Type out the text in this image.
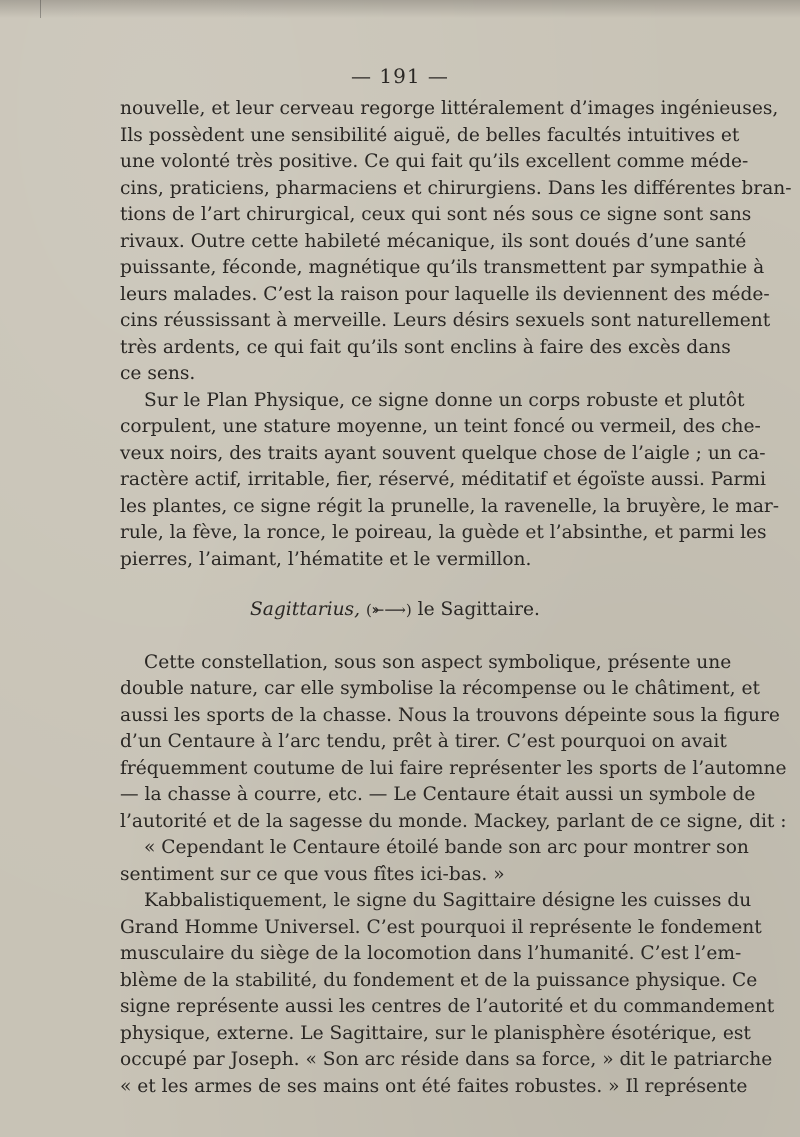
— 191 —
nouvelle, et leur cerveau regorge littéralement d’images ingénieuses,
Ils possèdent une sensibilité aiguë, de belles facultés intuitives et
une volonté très positive. Ce qui fait qu’ils excellent comme méde-
cins, praticiens, pharmaciens et chirurgiens. Dans les différentes bran-
tions de l’art chirurgical, ceux qui sont nés sous ce signe sont sans
rivaux. Outre cette habileté mécanique, ils sont doués d’une santé
puissante, féconde, magnétique qu’ils transmettent par sympathie à
leurs malades. C’est la raison pour laquelle ils deviennent des méde-
cins réussissant à merveille. Leurs désirs sexuels sont naturellement
très ardents, ce qui fait qu’ils sont enclins à faire des excès dans
ce sens.
Sur le Plan Physique, ce signe donne un corps robuste et plutôt
corpulent, une stature moyenne, un teint foncé ou vermeil, des che-
veux noirs, des traits ayant souvent quelque chose de l’aigle ; un ca-
ractère actif, irritable, fier, réservé, méditatif et égoïste aussi. Parmi
les plantes, ce signe régit la prunelle, la ravenelle, la bruyère, le mar-
rule, la fève, la ronce, le poireau, la guède et l’absinthe, et parmi les
pierres, l’aimant, l’hématite et le vermillon.
Sagittarius, (⤜⟶) le Sagittaire.
Cette constellation, sous son aspect symbolique, présente une
double nature, car elle symbolise la récompense ou le châtiment, et
aussi les sports de la chasse. Nous la trouvons dépeinte sous la figure
d’un Centaure à l’arc tendu, prêt à tirer. C’est pourquoi on avait
fréquemment coutume de lui faire représenter les sports de l’automne
— la chasse à courre, etc. — Le Centaure était aussi un symbole de
l’autorité et de la sagesse du monde. Mackey, parlant de ce signe, dit :
« Cependant le Centaure étoilé bande son arc pour montrer son
sentiment sur ce que vous fîtes ici-bas. »
Kabbalistiquement, le signe du Sagittaire désigne les cuisses du
Grand Homme Universel. C’est pourquoi il représente le fondement
musculaire du siège de la locomotion dans l’humanité. C’est l’em-
blème de la stabilité, du fondement et de la puissance physique. Ce
signe représente aussi les centres de l’autorité et du commandement
physique, externe. Le Sagittaire, sur le planisphère ésotérique, est
occupé par Joseph. « Son arc réside dans sa force, » dit le patriarche
« et les armes de ses mains ont été faites robustes. » Il représente
